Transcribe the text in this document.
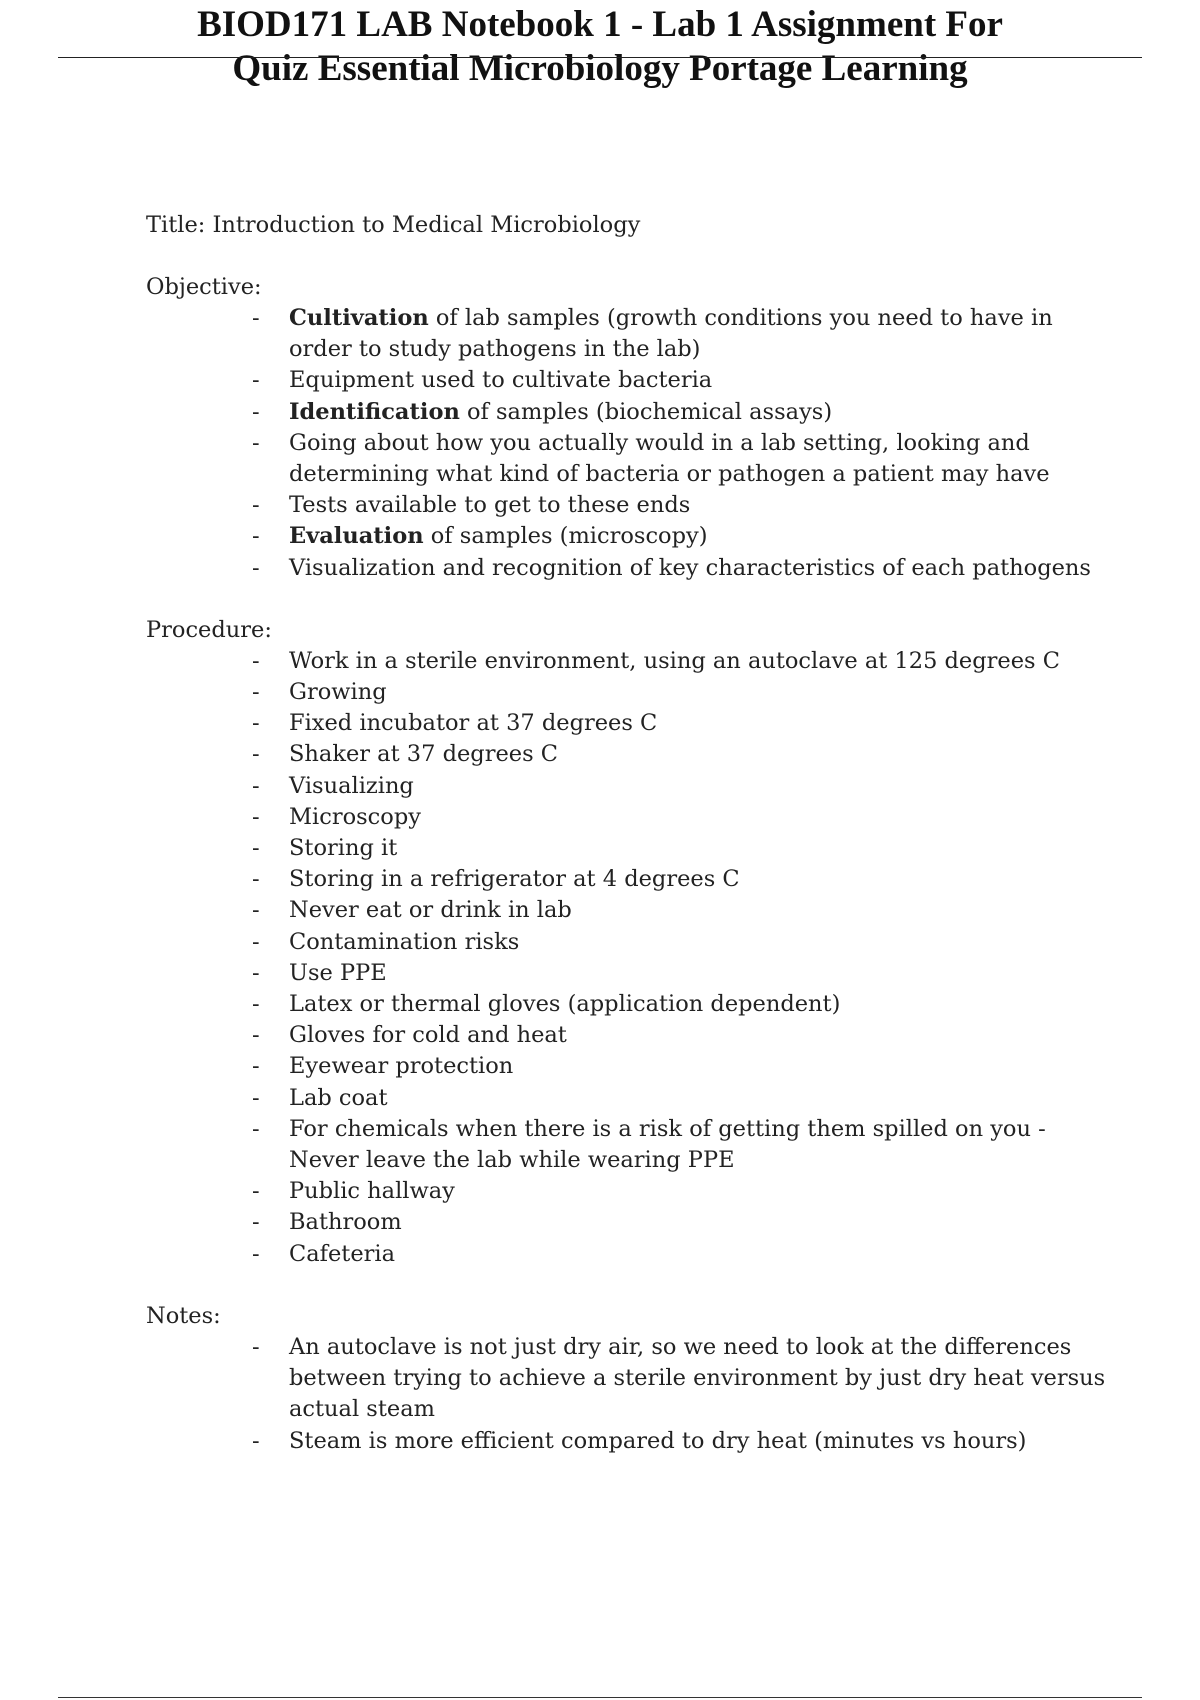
BIOD171 LAB Notebook 1 - Lab 1 Assignment For

Quiz Essential Microbiology Portage Learning

Title: Introduction to Medical Microbiology

Objective:

- Cultivation of lab samples (growth conditions you need to have in order to study pathogens in the lab)
- Equipment used to cultivate bacteria
- Identification of samples (biochemical assays)
- Going about how you actually would in a lab setting, looking and determining what kind of bacteria or pathogen a patient may have
- Tests available to get to these ends
- Evaluation of samples (microscopy)
- Visualization and recognition of key characteristics of each pathogens

Procedure:

- Work in a sterile environment, using an autoclave at 125 degrees C
- Growing
- Fixed incubator at 37 degrees C
- Shaker at 37 degrees C
- Visualizing
- Microscopy
- Storing it
- Storing in a refrigerator at 4 degrees C
- Never eat or drink in lab
- Contamination risks
- Use PPE
- Latex or thermal gloves (application dependent)
- Gloves for cold and heat
- Eyewear protection
- Lab coat
- For chemicals when there is a risk of getting them spilled on you -    Never leave the lab while wearing PPE
- Public hallway
- Bathroom
- Cafeteria

Notes:

- An autoclave is not just dry air, so we need to look at the differences between trying to achieve a sterile environment by just dry heat versus actual steam
- Steam is more efficient compared to dry heat (minutes vs hours)
